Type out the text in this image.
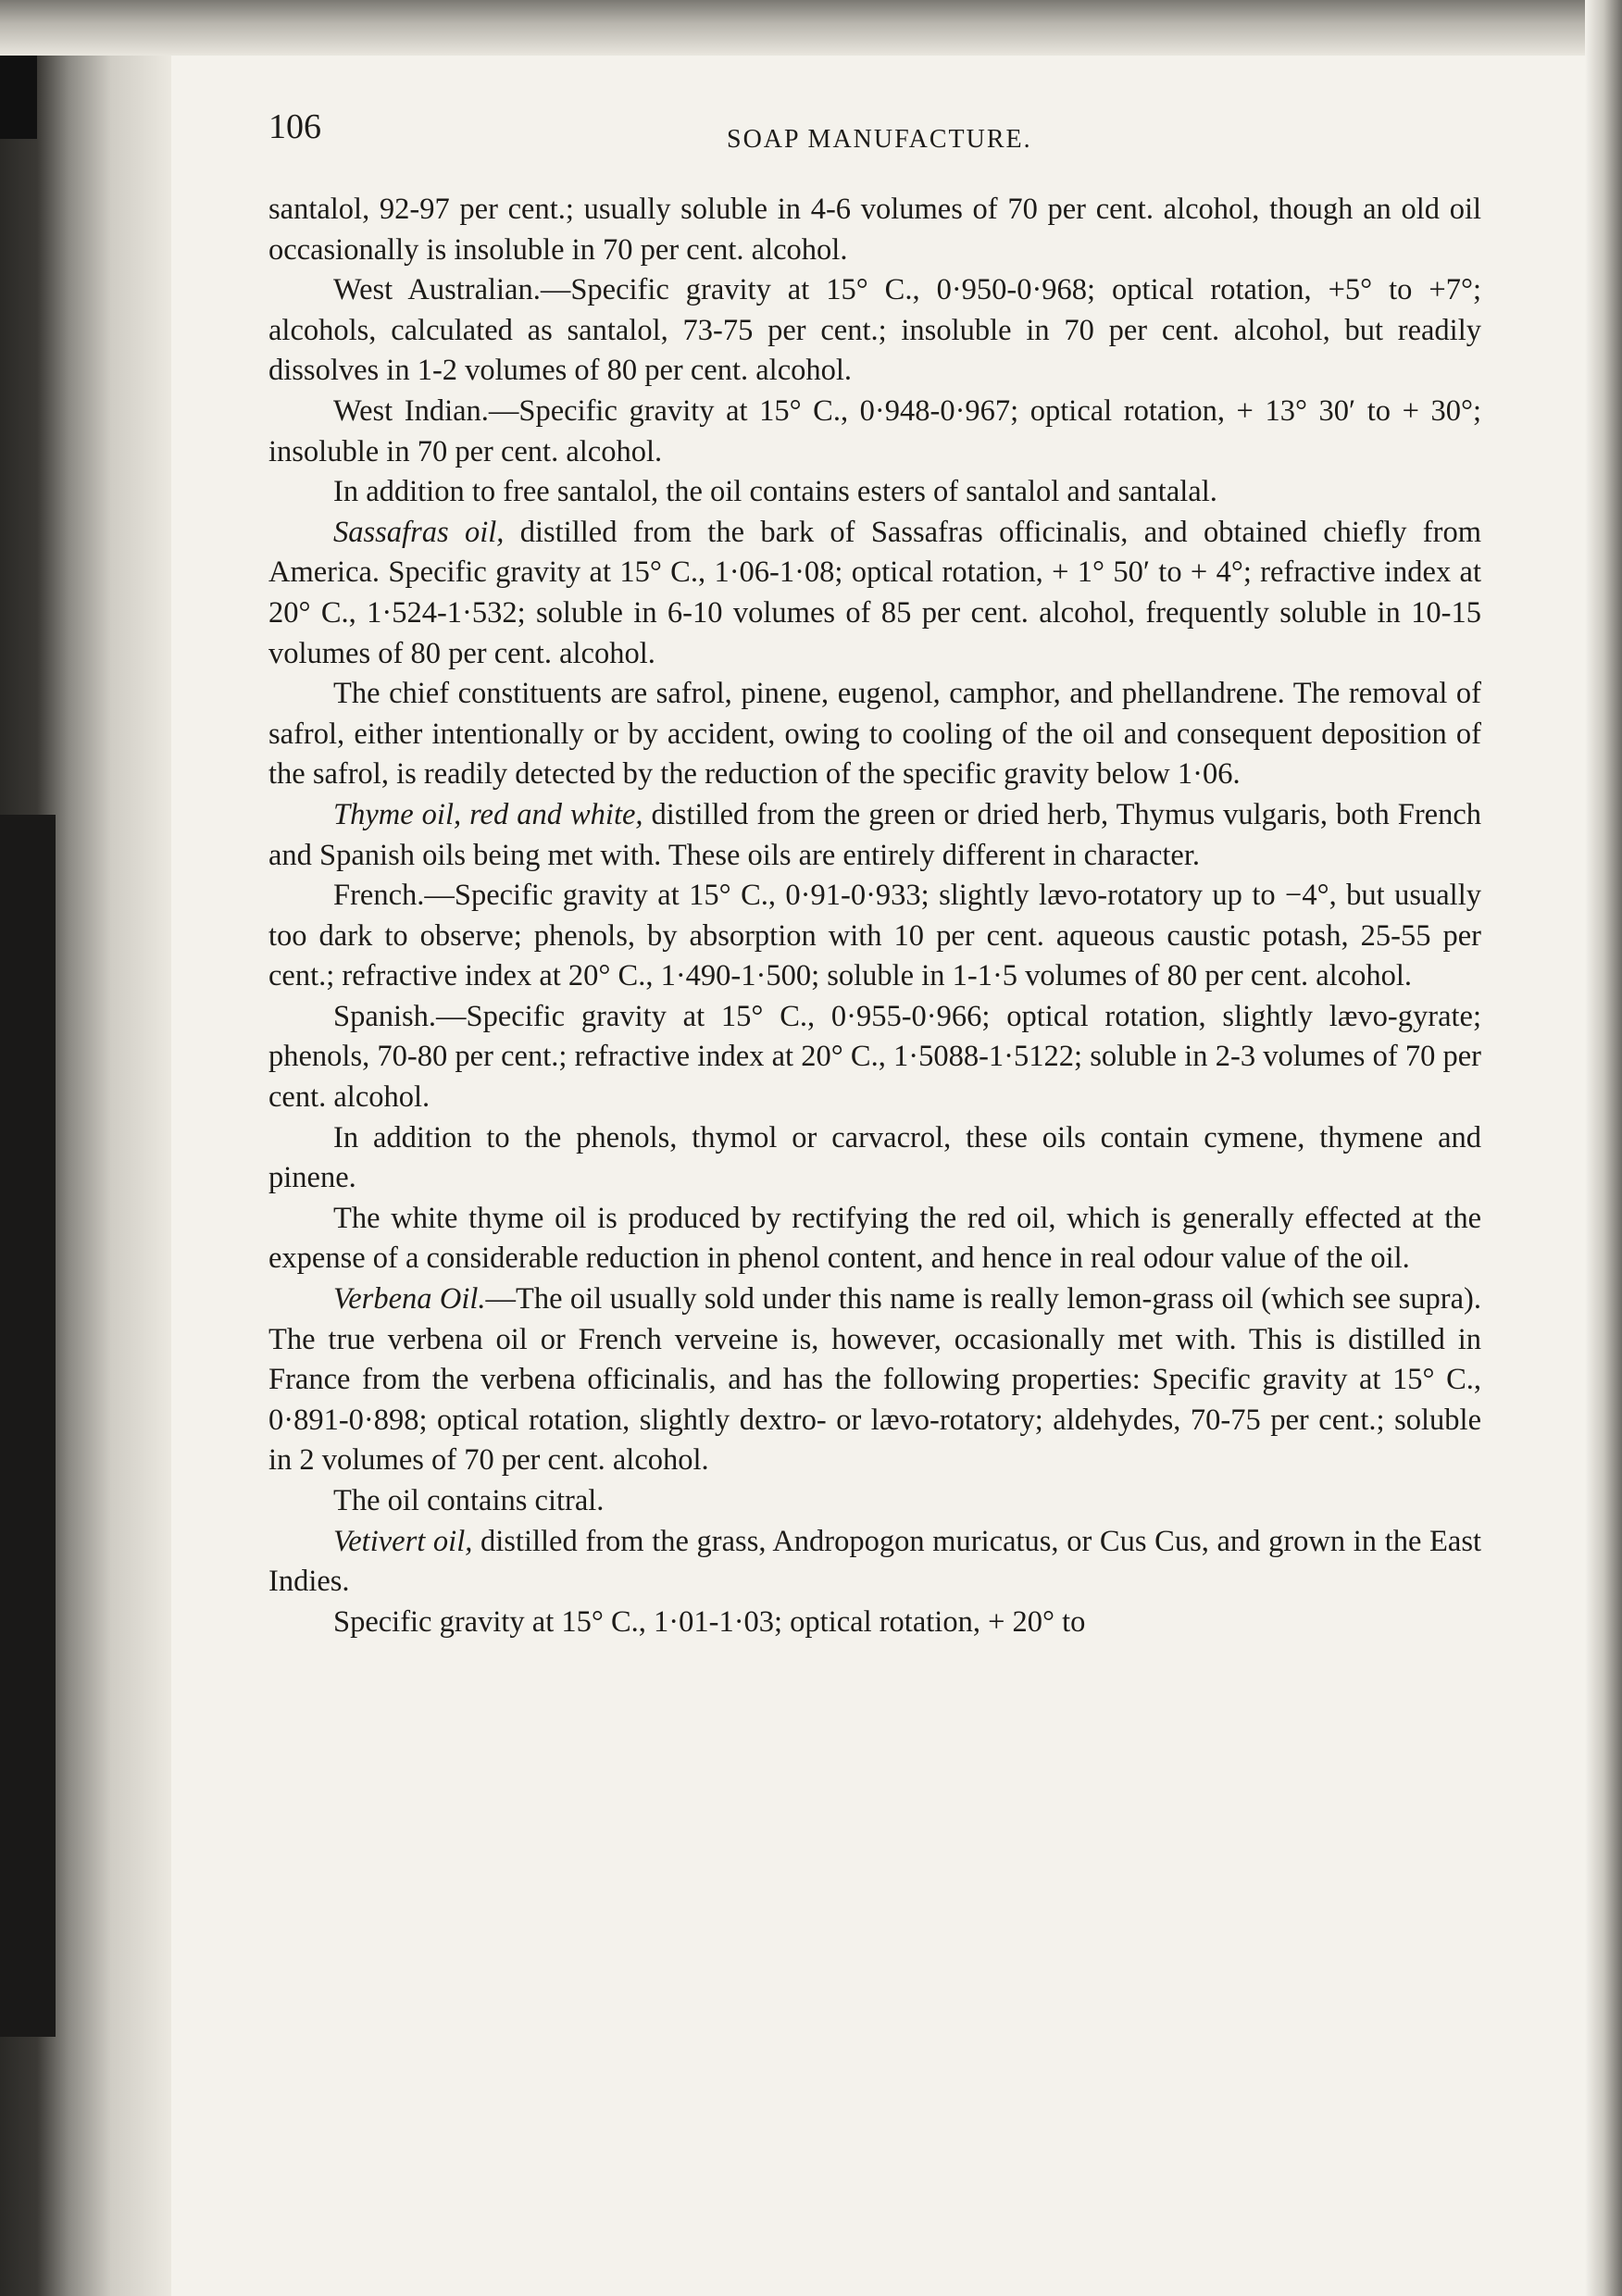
106	SOAP MANUFACTURE.

santalol, 92-97 per cent.; usually soluble in 4-6 volumes of 70 per cent. alcohol, though an old oil occasionally is insoluble in 70 per cent. alcohol.

West Australian.—Specific gravity at 15° C., 0·950-0·968; optical rotation, +5° to +7°; alcohols, calculated as santalol, 73-75 per cent.; insoluble in 70 per cent. alcohol, but readily dissolves in 1-2 volumes of 80 per cent. alcohol.

West Indian.—Specific gravity at 15° C., 0·948-0·967; optical rotation, + 13° 30′ to + 30°; insoluble in 70 per cent. alcohol.

In addition to free santalol, the oil contains esters of santalol and santalal.

Sassafras oil, distilled from the bark of Sassafras officinalis, and obtained chiefly from America. Specific gravity at 15° C., 1·06-1·08; optical rotation, + 1° 50′ to + 4°; refractive index at 20° C., 1·524-1·532; soluble in 6-10 volumes of 85 per cent. alcohol, frequently soluble in 10-15 volumes of 80 per cent. alcohol.

The chief constituents are safrol, pinene, eugenol, camphor, and phellandrene. The removal of safrol, either intentionally or by accident, owing to cooling of the oil and consequent deposition of the safrol, is readily detected by the reduction of the specific gravity below 1·06.

Thyme oil, red and white, distilled from the green or dried herb, Thymus vulgaris, both French and Spanish oils being met with. These oils are entirely different in character.

French.—Specific gravity at 15° C., 0·91-0·933; slightly lævo-rotatory up to −4°, but usually too dark to observe; phenols, by absorption with 10 per cent. aqueous caustic potash, 25-55 per cent.; refractive index at 20° C., 1·490-1·500; soluble in 1-1·5 volumes of 80 per cent. alcohol.

Spanish.—Specific gravity at 15° C., 0·955-0·966; optical rotation, slightly lævo-gyrate; phenols, 70-80 per cent.; refractive index at 20° C., 1·5088-1·5122; soluble in 2-3 volumes of 70 per cent. alcohol.

In addition to the phenols, thymol or carvacrol, these oils contain cymene, thymene and pinene.

The white thyme oil is produced by rectifying the red oil, which is generally effected at the expense of a considerable reduction in phenol content, and hence in real odour value of the oil.

Verbena Oil.—The oil usually sold under this name is really lemon-grass oil (which see supra). The true verbena oil or French verveine is, however, occasionally met with. This is distilled in France from the verbena officinalis, and has the following properties: Specific gravity at 15° C., 0·891-0·898; optical rotation, slightly dextro- or lævo-rotatory; aldehydes, 70-75 per cent.; soluble in 2 volumes of 70 per cent. alcohol.

The oil contains citral.

Vetivert oil, distilled from the grass, Andropogon muricatus, or Cus Cus, and grown in the East Indies.

Specific gravity at 15° C., 1·01-1·03; optical rotation, + 20° to
